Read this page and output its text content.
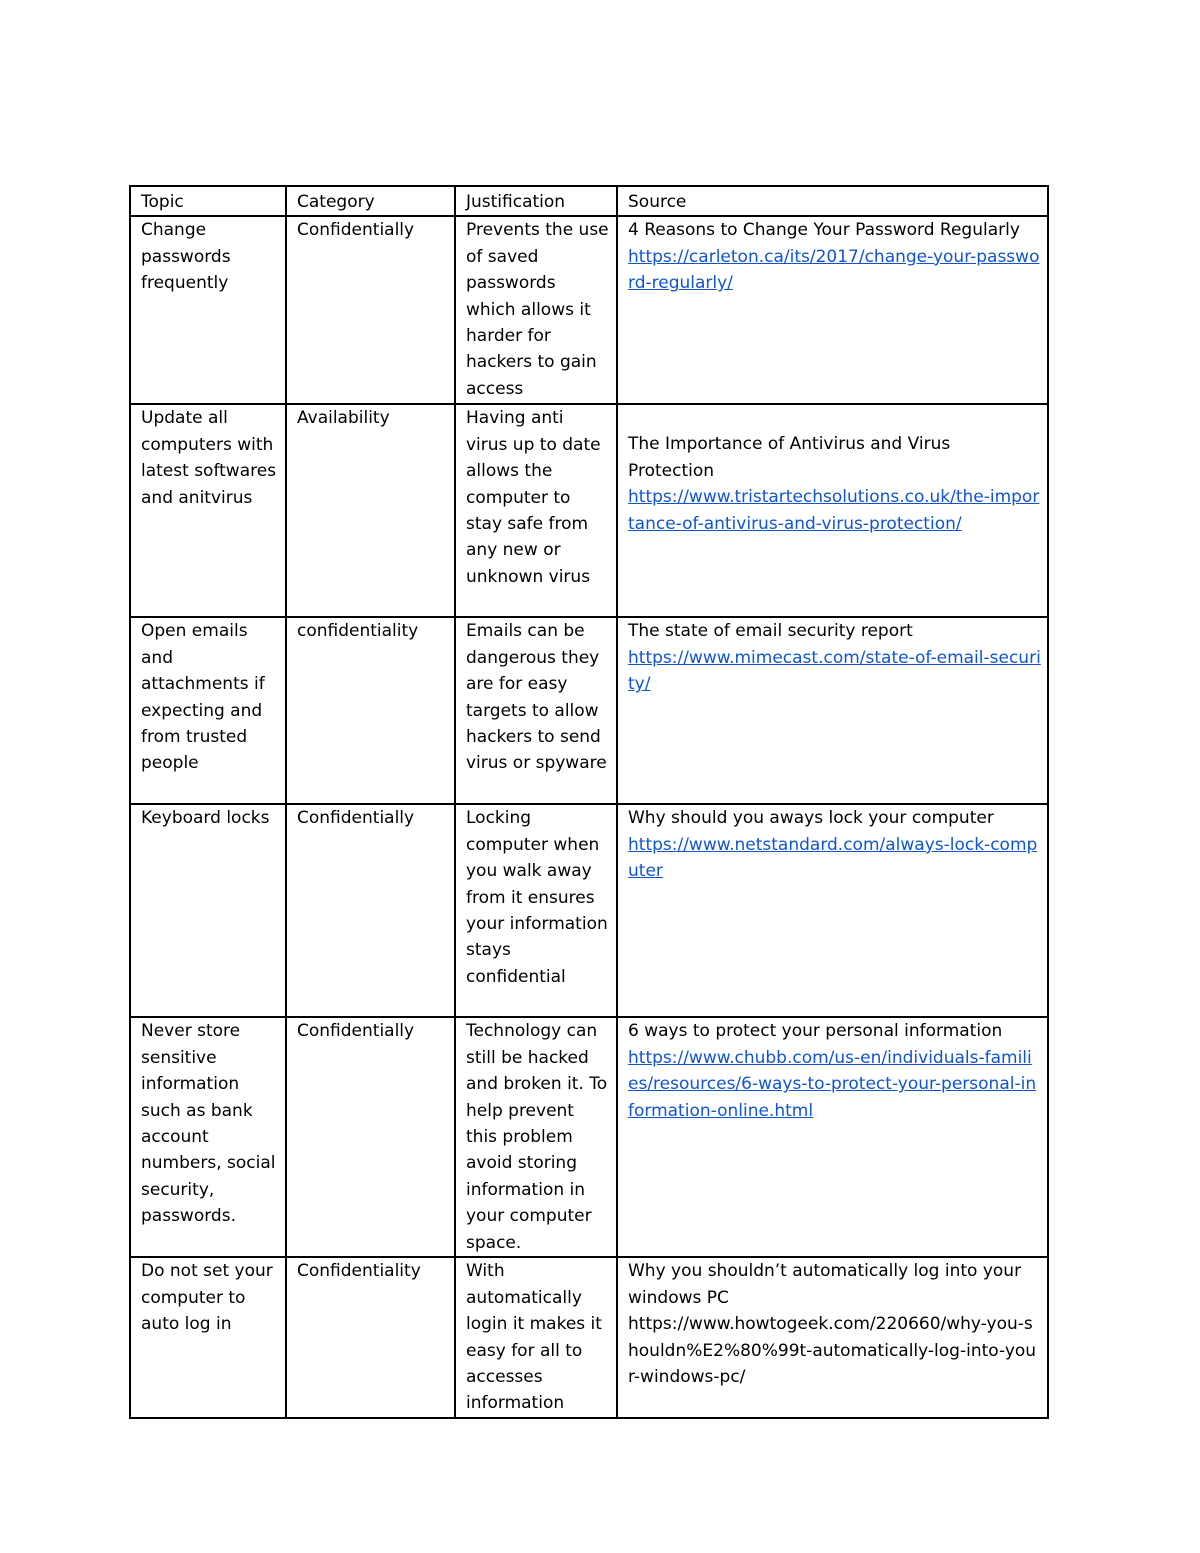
Topic	Category	Justification	Source

Change passwords frequently	Confidentially	Prevents the use of saved passwords which allows it harder for hackers to gain access	4 Reasons to Change Your Password Regularly
https://carleton.ca/its/2017/change-your-password-regularly/

Update all computers with latest softwares and anitvirus	Availability	Having anti virus up to date allows the computer to stay safe from any new or unknown virus	The Importance of Antivirus and Virus Protection
https://www.tristartechsolutions.co.uk/the-importance-of-antivirus-and-virus-protection/

Open emails and attachments if expecting and from trusted people	confidentiality	Emails can be dangerous they are for easy targets to allow hackers to send virus or spyware	The state of email security report
https://www.mimecast.com/state-of-email-security/

Keyboard locks	Confidentially	Locking computer when you walk away from it ensures your information stays confidential	Why should you aways lock your computer
https://www.netstandard.com/always-lock-computer

Never store sensitive information such as bank account numbers, social security, passwords.	Confidentially	Technology can still be hacked and broken it. To help prevent this problem avoid storing information in your computer space.	6 ways to protect your personal information
https://www.chubb.com/us-en/individuals-families/resources/6-ways-to-protect-your-personal-information-online.html

Do not set your computer to auto log in	Confidentiality	With automatically login it makes it easy for all to accesses information	Why you shouldn’t automatically log into your windows PC
https://www.howtogeek.com/220660/why-you-shouldn%E2%80%99t-automatically-log-into-your-windows-pc/
